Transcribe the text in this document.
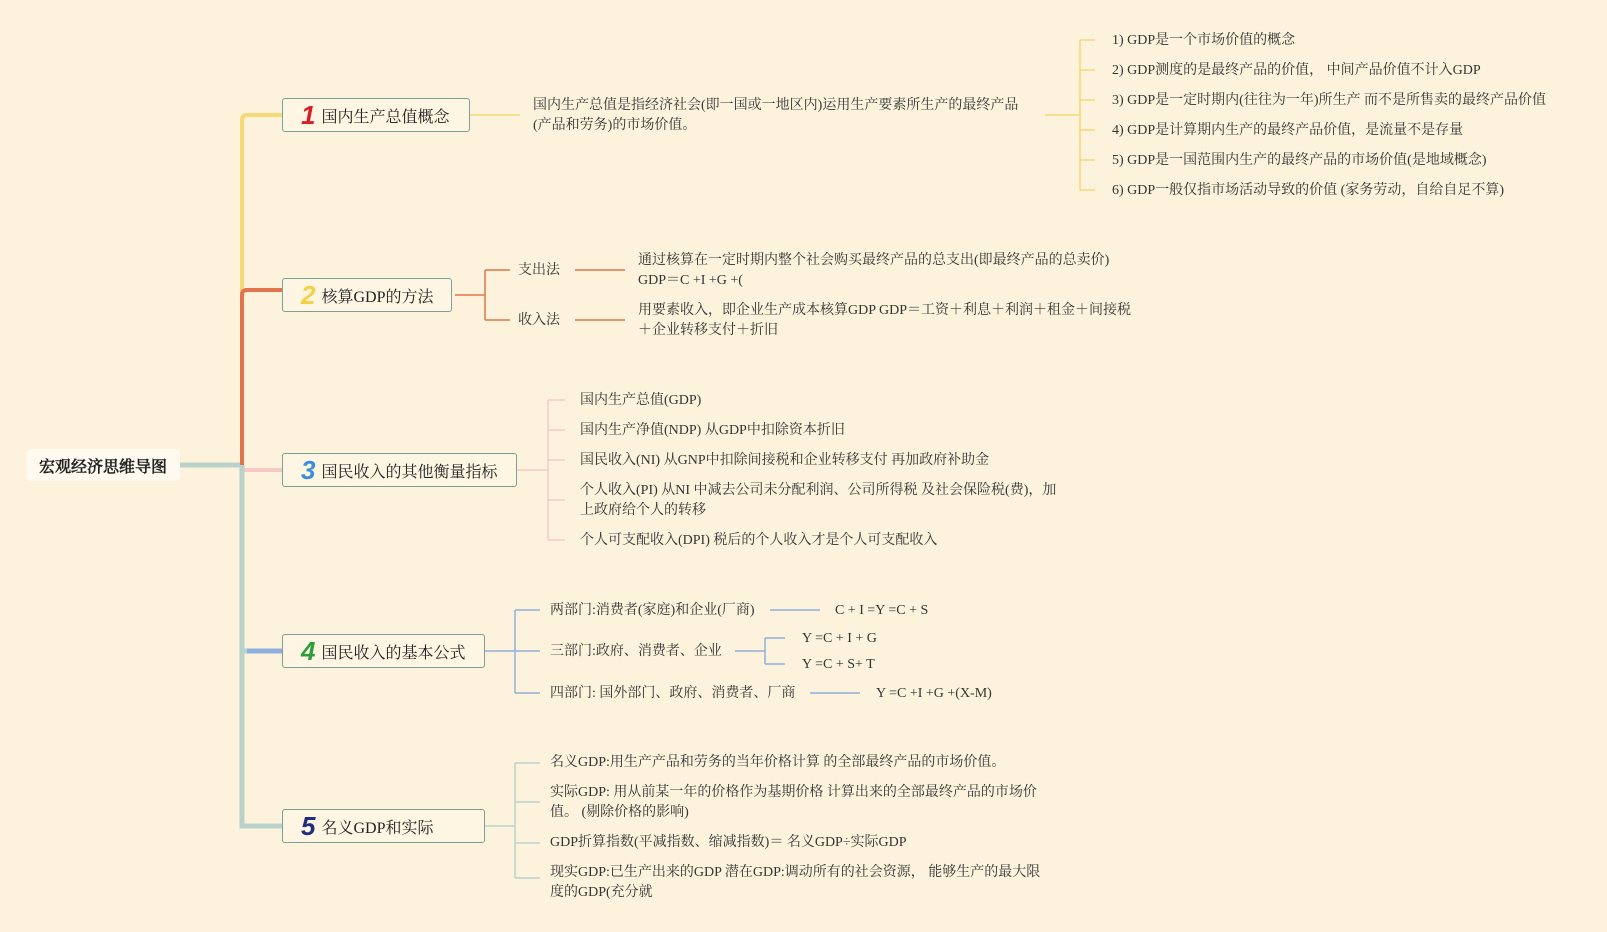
宏观经济思维导图
1 国内生产总值概念
国内生产总值是指经济社会(即一国或一地区内)运用生产要素所生产的最终产品(产品和劳务)的市场价值。
1) GDP是一个市场价值的概念
2) GDP测度的是最终产品的价值， 中间产品价值不计入GDP
3) GDP是一定时期内(往往为一年)所生产 而不是所售卖的最终产品价值
4) GDP是计算期内生产的最终产品价值，是流量不是存量
5) GDP是一国范围内生产的最终产品的市场价值(是地域概念)
6) GDP一般仅指市场活动导致的价值 (家务劳动，自给自足不算)
2 核算GDP的方法
支出法
通过核算在一定时期内整个社会购买最终产品的总支出(即最终产品的总卖价) GDP＝C +I +G +(
收入法
用要素收入，即企业生产成本核算GDP GDP＝工资＋利息＋利润＋租金＋间接税＋企业转移支付＋折旧
3 国民收入的其他衡量指标
国内生产总值(GDP)
国内生产净值(NDP) 从GDP中扣除资本折旧
国民收入(NI) 从GNP中扣除间接税和企业转移支付 再加政府补助金
个人收入(PI) 从NI 中减去公司未分配利润、公司所得税 及社会保险税(费)，加上政府给个人的转移
个人可支配收入(DPI) 税后的个人收入才是个人可支配收入
4 国民收入的基本公式
两部门:消费者(家庭)和企业(厂商)	C + I =Y =C + S
三部门:政府、消费者、企业
Y =C + I + G
Y =C + S+ T
四部门: 国外部门、政府、消费者、厂商	Y =C +I +G +(X-M)
5 名义GDP和实际
名义GDP:用生产产品和劳务的当年价格计算 的全部最终产品的市场价值。
实际GDP: 用从前某一年的价格作为基期价格 计算出来的全部最终产品的市场价值。 (剔除价格的影响)
GDP折算指数(平减指数、缩减指数)＝ 名义GDP÷实际GDP
现实GDP:已生产出来的GDP 潜在GDP:调动所有的社会资源， 能够生产的最大限度的GDP(充分就
